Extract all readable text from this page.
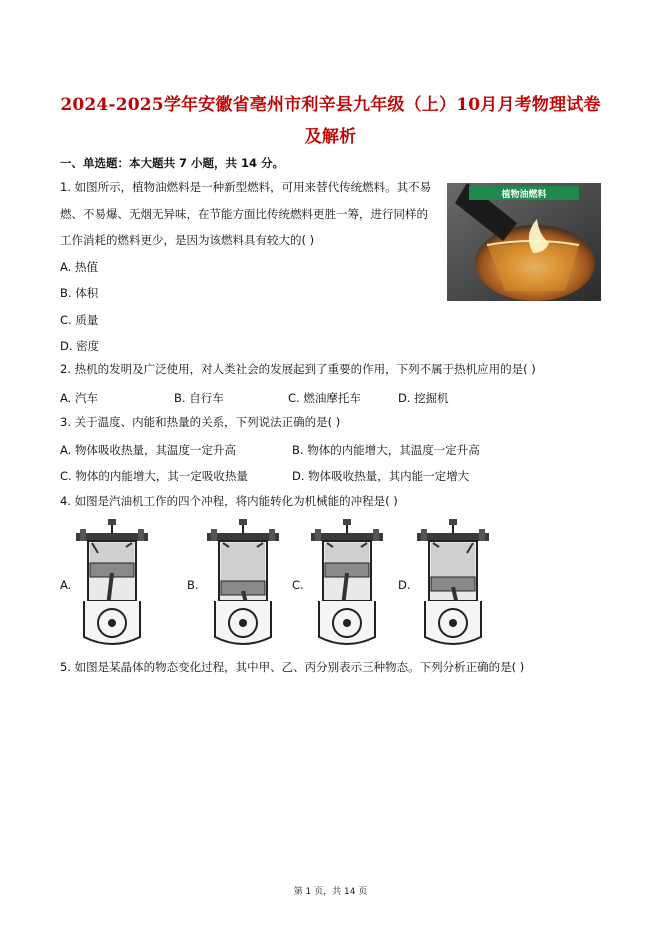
2024-2025学年安徽省亳州市利辛县九年级（上）10月月考物理试卷
及解析
一、单选题：本大题共 7 小题，共 14 分。
1. 如图所示，植物油燃料是一种新型燃料，可用来替代传统燃料。其不易
燃、不易爆、无烟无异味，在节能方面比传统燃料更胜一筹，进行同样的
工作消耗的燃料更少，是因为该燃料具有较大的( )
植物油燃料
A. 热值
B. 体积
C. 质量
D. 密度
2. 热机的发明及广泛使用，对人类社会的发展起到了重要的作用，下列不属于热机应用的是( )
A. 汽车	B. 自行车	C. 燃油摩托车	D. 挖掘机
3. 关于温度、内能和热量的关系，下列说法正确的是( )
A. 物体吸收热量，其温度一定升高	B. 物体的内能增大，其温度一定升高
C. 物体的内能增大，其一定吸收热量	D. 物体吸收热量，其内能一定增大
4. 如图是汽油机工作的四个冲程，将内能转化为机械能的冲程是( )
A.	B.	C.	D.
5. 如图是某晶体的物态变化过程，其中甲、乙、丙分别表示三种物态。下列分析正确的是( )
第 1 页，共 14 页
